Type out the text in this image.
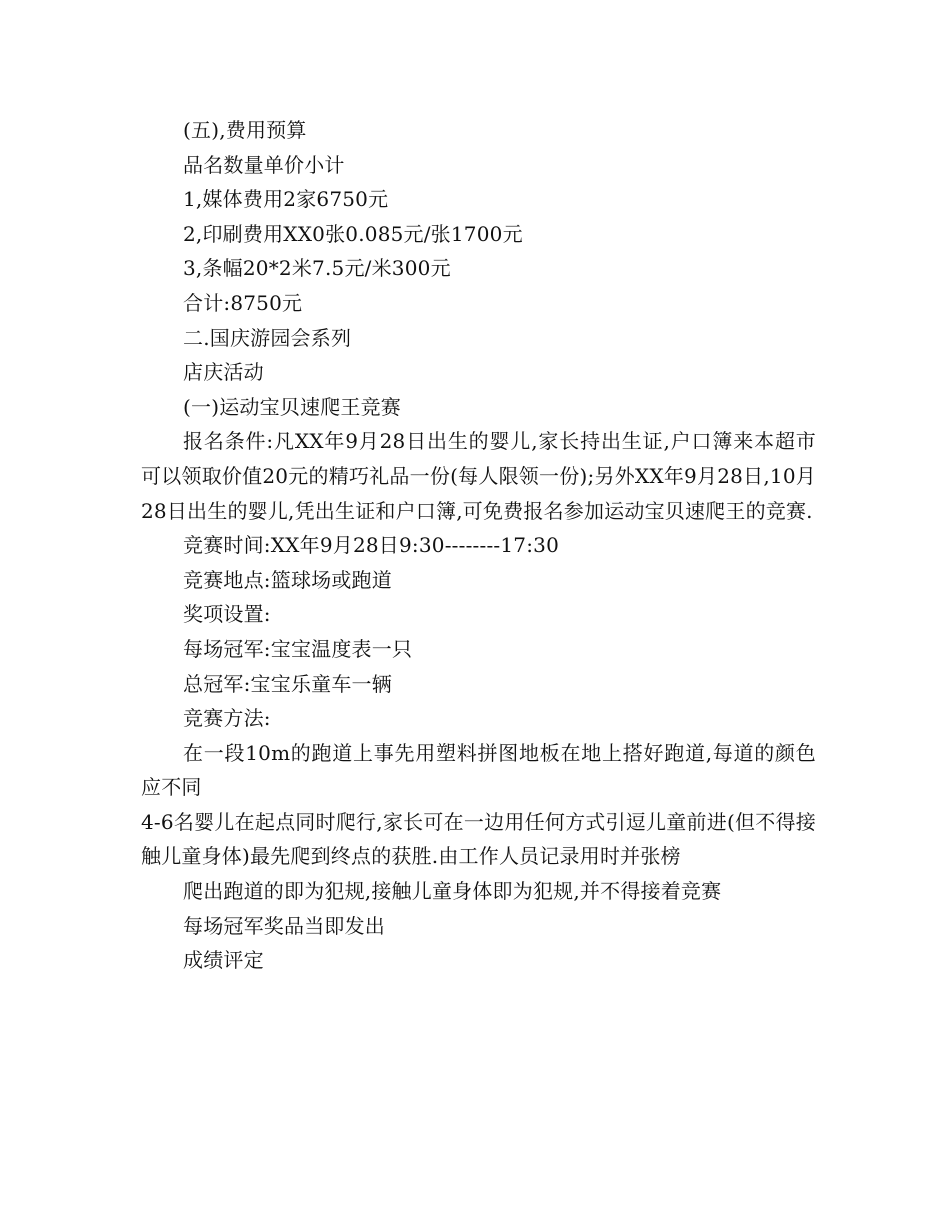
(五),费用预算

品名数量单价小计

1,媒体费用2家6750元

2,印刷费用XX0张0.085元/张1700元

3,条幅20*2米7.5元/米300元

合计:8750元

二.国庆游园会系列

店庆活动

(一)运动宝贝速爬王竞赛

报名条件:凡XX年9月28日出生的婴儿,家长持出生证,户口簿来本超市可以领取价值20元的精巧礼品一份(每人限领一份);另外XX年9月28日,10月28日出生的婴儿,凭出生证和户口簿,可免费报名参加运动宝贝速爬王的竞赛.

竞赛时间:XX年9月28日9:30--------17:30

竞赛地点:篮球场或跑道

奖项设置:

每场冠军:宝宝温度表一只

总冠军:宝宝乐童车一辆

竞赛方法:

在一段10m的跑道上事先用塑料拼图地板在地上搭好跑道,每道的颜色应不同

4-6名婴儿在起点同时爬行,家长可在一边用任何方式引逗儿童前进(但不得接触儿童身体)最先爬到终点的获胜.由工作人员记录用时并张榜

爬出跑道的即为犯规,接触儿童身体即为犯规,并不得接着竞赛

每场冠军奖品当即发出

成绩评定
